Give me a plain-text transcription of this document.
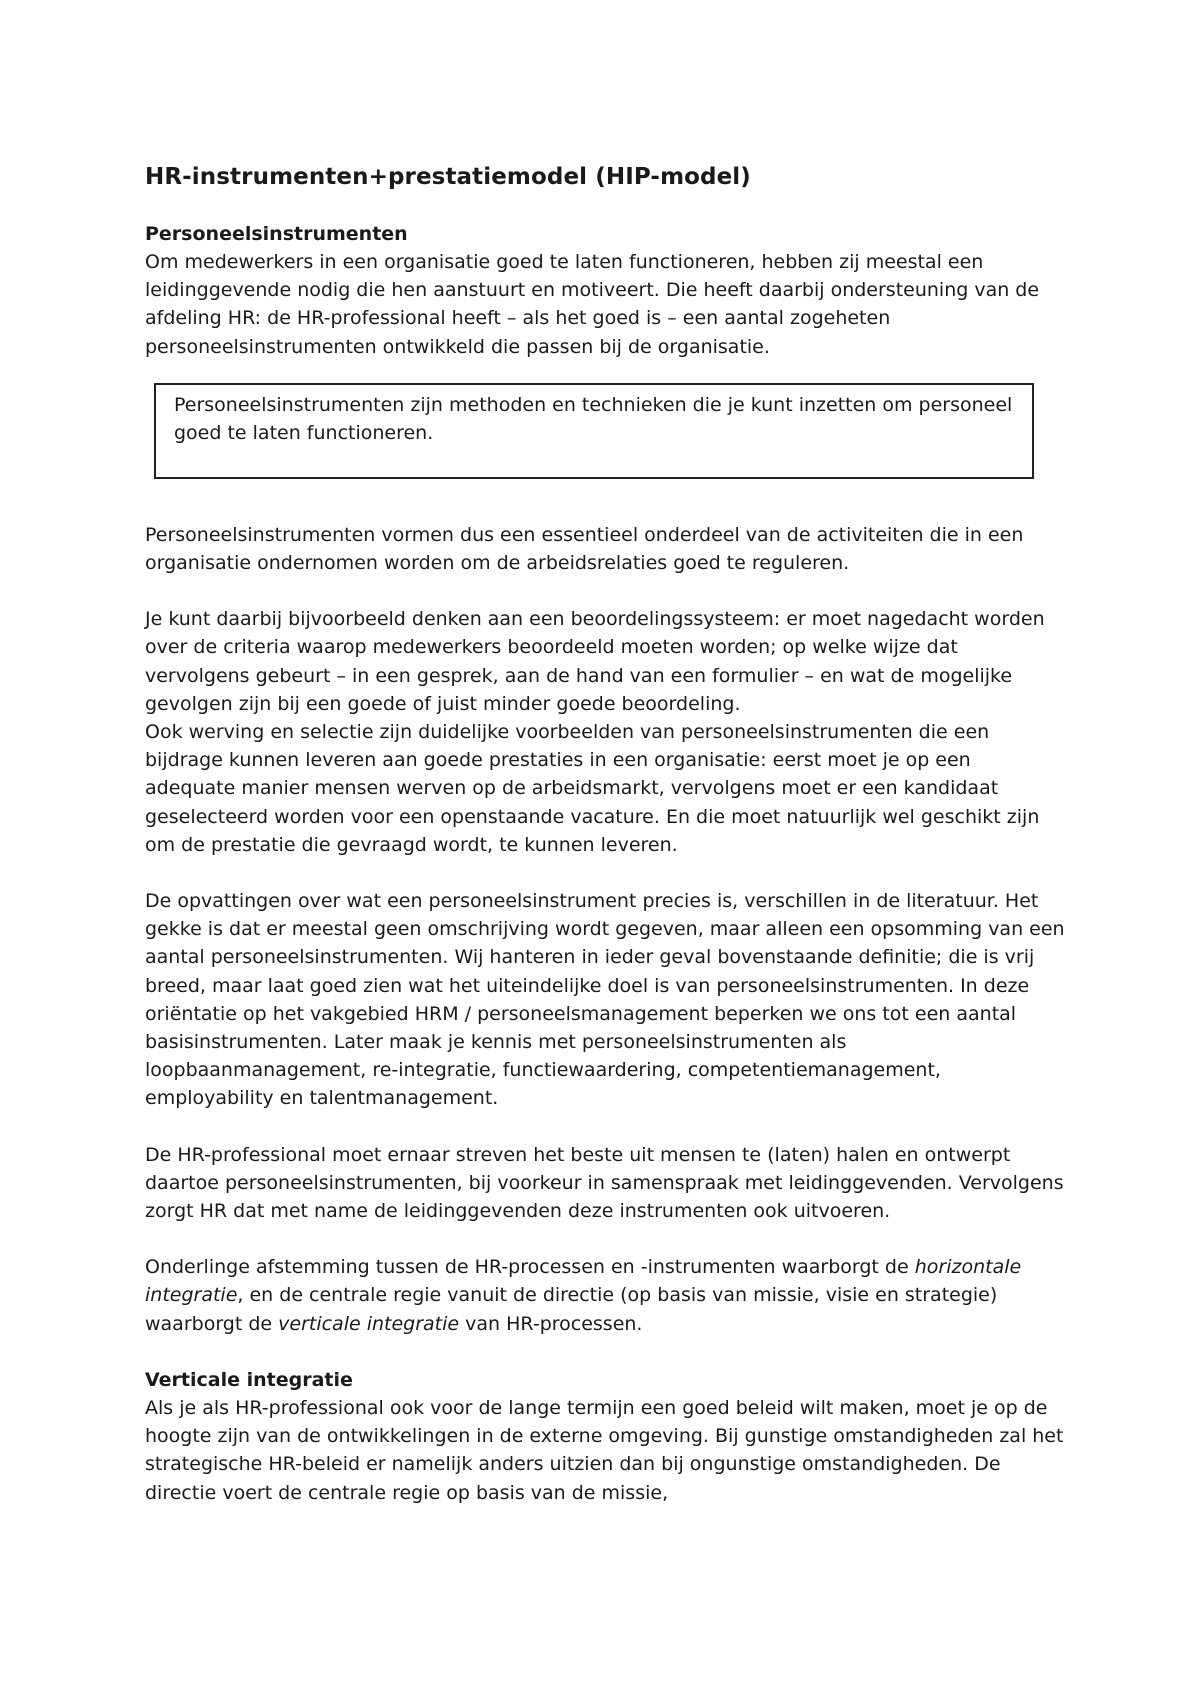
HR-instrumenten+prestatiemodel (HIP-model)
Personeelsinstrumenten

Om medewerkers in een organisatie goed te laten functioneren, hebben zij meestal een leidinggevende nodig die hen aanstuurt en motiveert. Die heeft daarbij ondersteuning van de afdeling HR: de HR-professional heeft – als het goed is – een aantal zogeheten personeelsinstrumenten ontwikkeld die passen bij de organisatie.

Personeelsinstrumenten zijn methoden en technieken die je kunt inzetten om personeel goed te laten functioneren.

Personeelsinstrumenten vormen dus een essentieel onderdeel van de activiteiten die in een organisatie ondernomen worden om de arbeidsrelaties goed te reguleren.

Je kunt daarbij bijvoorbeeld denken aan een beoordelingssysteem: er moet nagedacht worden over de criteria waarop medewerkers beoordeeld moeten worden; op welke wijze dat vervolgens gebeurt – in een gesprek, aan de hand van een formulier – en wat de mogelijke gevolgen zijn bij een goede of juist minder goede beoordeling.

Ook werving en selectie zijn duidelijke voorbeelden van personeelsinstrumenten die een bijdrage kunnen leveren aan goede prestaties in een organisatie: eerst moet je op een adequate manier mensen werven op de arbeidsmarkt, vervolgens moet er een kandidaat geselecteerd worden voor een openstaande vacature. En die moet natuurlijk wel geschikt zijn om de prestatie die gevraagd wordt, te kunnen leveren.

De opvattingen over wat een personeelsinstrument precies is, verschillen in de literatuur. Het gekke is dat er meestal geen omschrijving wordt gegeven, maar alleen een opsomming van een aantal personeelsinstrumenten. Wij hanteren in ieder geval bovenstaande definitie; die is vrij breed, maar laat goed zien wat het uiteindelijke doel is van personeelsinstrumenten. In deze oriëntatie op het vakgebied HRM / personeelsmanagement beperken we ons tot een aantal basisinstrumenten. Later maak je kennis met personeelsinstrumenten als loopbaanmanagement, re-integratie, functiewaardering, competentiemanagement, employability en talentmanagement.

De HR-professional moet ernaar streven het beste uit mensen te (laten) halen en ontwerpt daartoe personeelsinstrumenten, bij voorkeur in samenspraak met leidinggevenden. Vervolgens zorgt HR dat met name de leidinggevenden deze instrumenten ook uitvoeren.

Onderlinge afstemming tussen de HR-processen en -instrumenten waarborgt de horizontale integratie, en de centrale regie vanuit de directie (op basis van missie, visie en strategie) waarborgt de verticale integratie van HR-processen.

Verticale integratie

Als je als HR-professional ook voor de lange termijn een goed beleid wilt maken, moet je op de hoogte zijn van de ontwikkelingen in de externe omgeving. Bij gunstige omstandigheden zal het strategische HR-beleid er namelijk anders uitzien dan bij ongunstige omstandigheden. De directie voert de centrale regie op basis van de missie,
